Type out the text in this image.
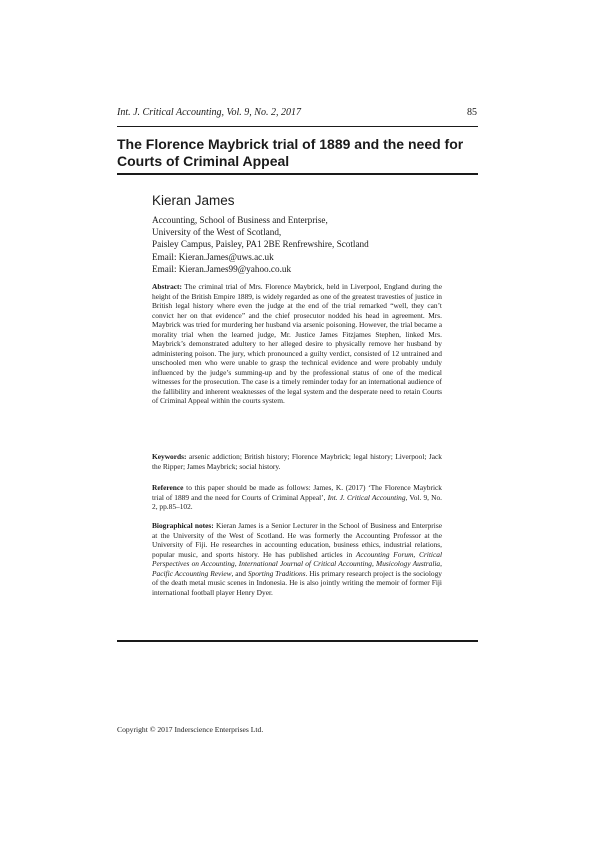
Int. J. Critical Accounting, Vol. 9, No. 2, 2017	85
The Florence Maybrick trial of 1889 and the need for Courts of Criminal Appeal
Kieran James
Accounting, School of Business and Enterprise,
University of the West of Scotland,
Paisley Campus, Paisley, PA1 2BE Renfrewshire, Scotland
Email: Kieran.James@uws.ac.uk
Email: Kieran.James99@yahoo.co.uk
Abstract: The criminal trial of Mrs. Florence Maybrick, held in Liverpool, England during the height of the British Empire 1889, is widely regarded as one of the greatest travesties of justice in British legal history where even the judge at the end of the trial remarked “well, they can’t convict her on that evidence” and the chief prosecutor nodded his head in agreement. Mrs. Maybrick was tried for murdering her husband via arsenic poisoning. However, the trial became a morality trial when the learned judge, Mr. Justice James Fitzjames Stephen, linked Mrs. Maybrick’s demonstrated adultery to her alleged desire to physically remove her husband by administering poison. The jury, which pronounced a guilty verdict, consisted of 12 untrained and unschooled men who were unable to grasp the technical evidence and were probably unduly influenced by the judge’s summing-up and by the professional status of one of the medical witnesses for the prosecution. The case is a timely reminder today for an international audience of the fallibility and inherent weaknesses of the legal system and the desperate need to retain Courts of Criminal Appeal within the courts system.
Keywords: arsenic addiction; British history; Florence Maybrick; legal history; Liverpool; Jack the Ripper; James Maybrick; social history.
Reference to this paper should be made as follows: James, K. (2017) ‘The Florence Maybrick trial of 1889 and the need for Courts of Criminal Appeal’, Int. J. Critical Accounting, Vol. 9, No. 2, pp.85–102.
Biographical notes: Kieran James is a Senior Lecturer in the School of Business and Enterprise at the University of the West of Scotland. He was formerly the Accounting Professor at the University of Fiji. He researches in accounting education, business ethics, industrial relations, popular music, and sports history. He has published articles in Accounting Forum, Critical Perspectives on Accounting, International Journal of Critical Accounting, Musicology Australia, Pacific Accounting Review, and Sporting Traditions. His primary research project is the sociology of the death metal music scenes in Indonesia. He is also jointly writing the memoir of former Fiji international football player Henry Dyer.
Copyright © 2017 Inderscience Enterprises Ltd.
